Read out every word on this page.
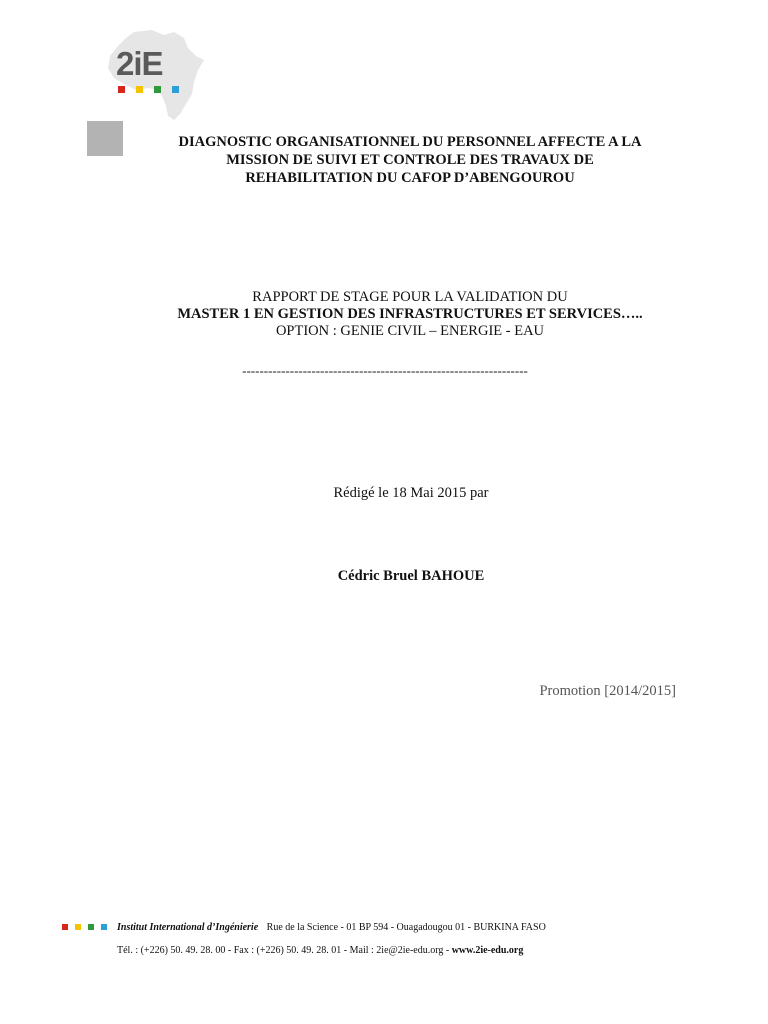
2iE
DIAGNOSTIC ORGANISATIONNEL DU PERSONNEL AFFECTE A LA
MISSION DE SUIVI ET CONTROLE DES TRAVAUX DE
REHABILITATION DU CAFOP D’ABENGOUROU
RAPPORT DE STAGE POUR LA VALIDATION DU
MASTER 1 EN GESTION DES INFRASTRUCTURES ET SERVICES…..
OPTION : GENIE CIVIL – ENERGIE - EAU
------------------------------------------------------------------
Rédigé le 18 Mai 2015 par
Cédric Bruel BAHOUE
Promotion [2014/2015]
Institut International d’Ingénierie Rue de la Science - 01 BP 594 - Ouagadougou 01 - BURKINA FASO
Tél. : (+226) 50. 49. 28. 00 - Fax : (+226) 50. 49. 28. 01 - Mail : 2ie@2ie-edu.org - www.2ie-edu.org
